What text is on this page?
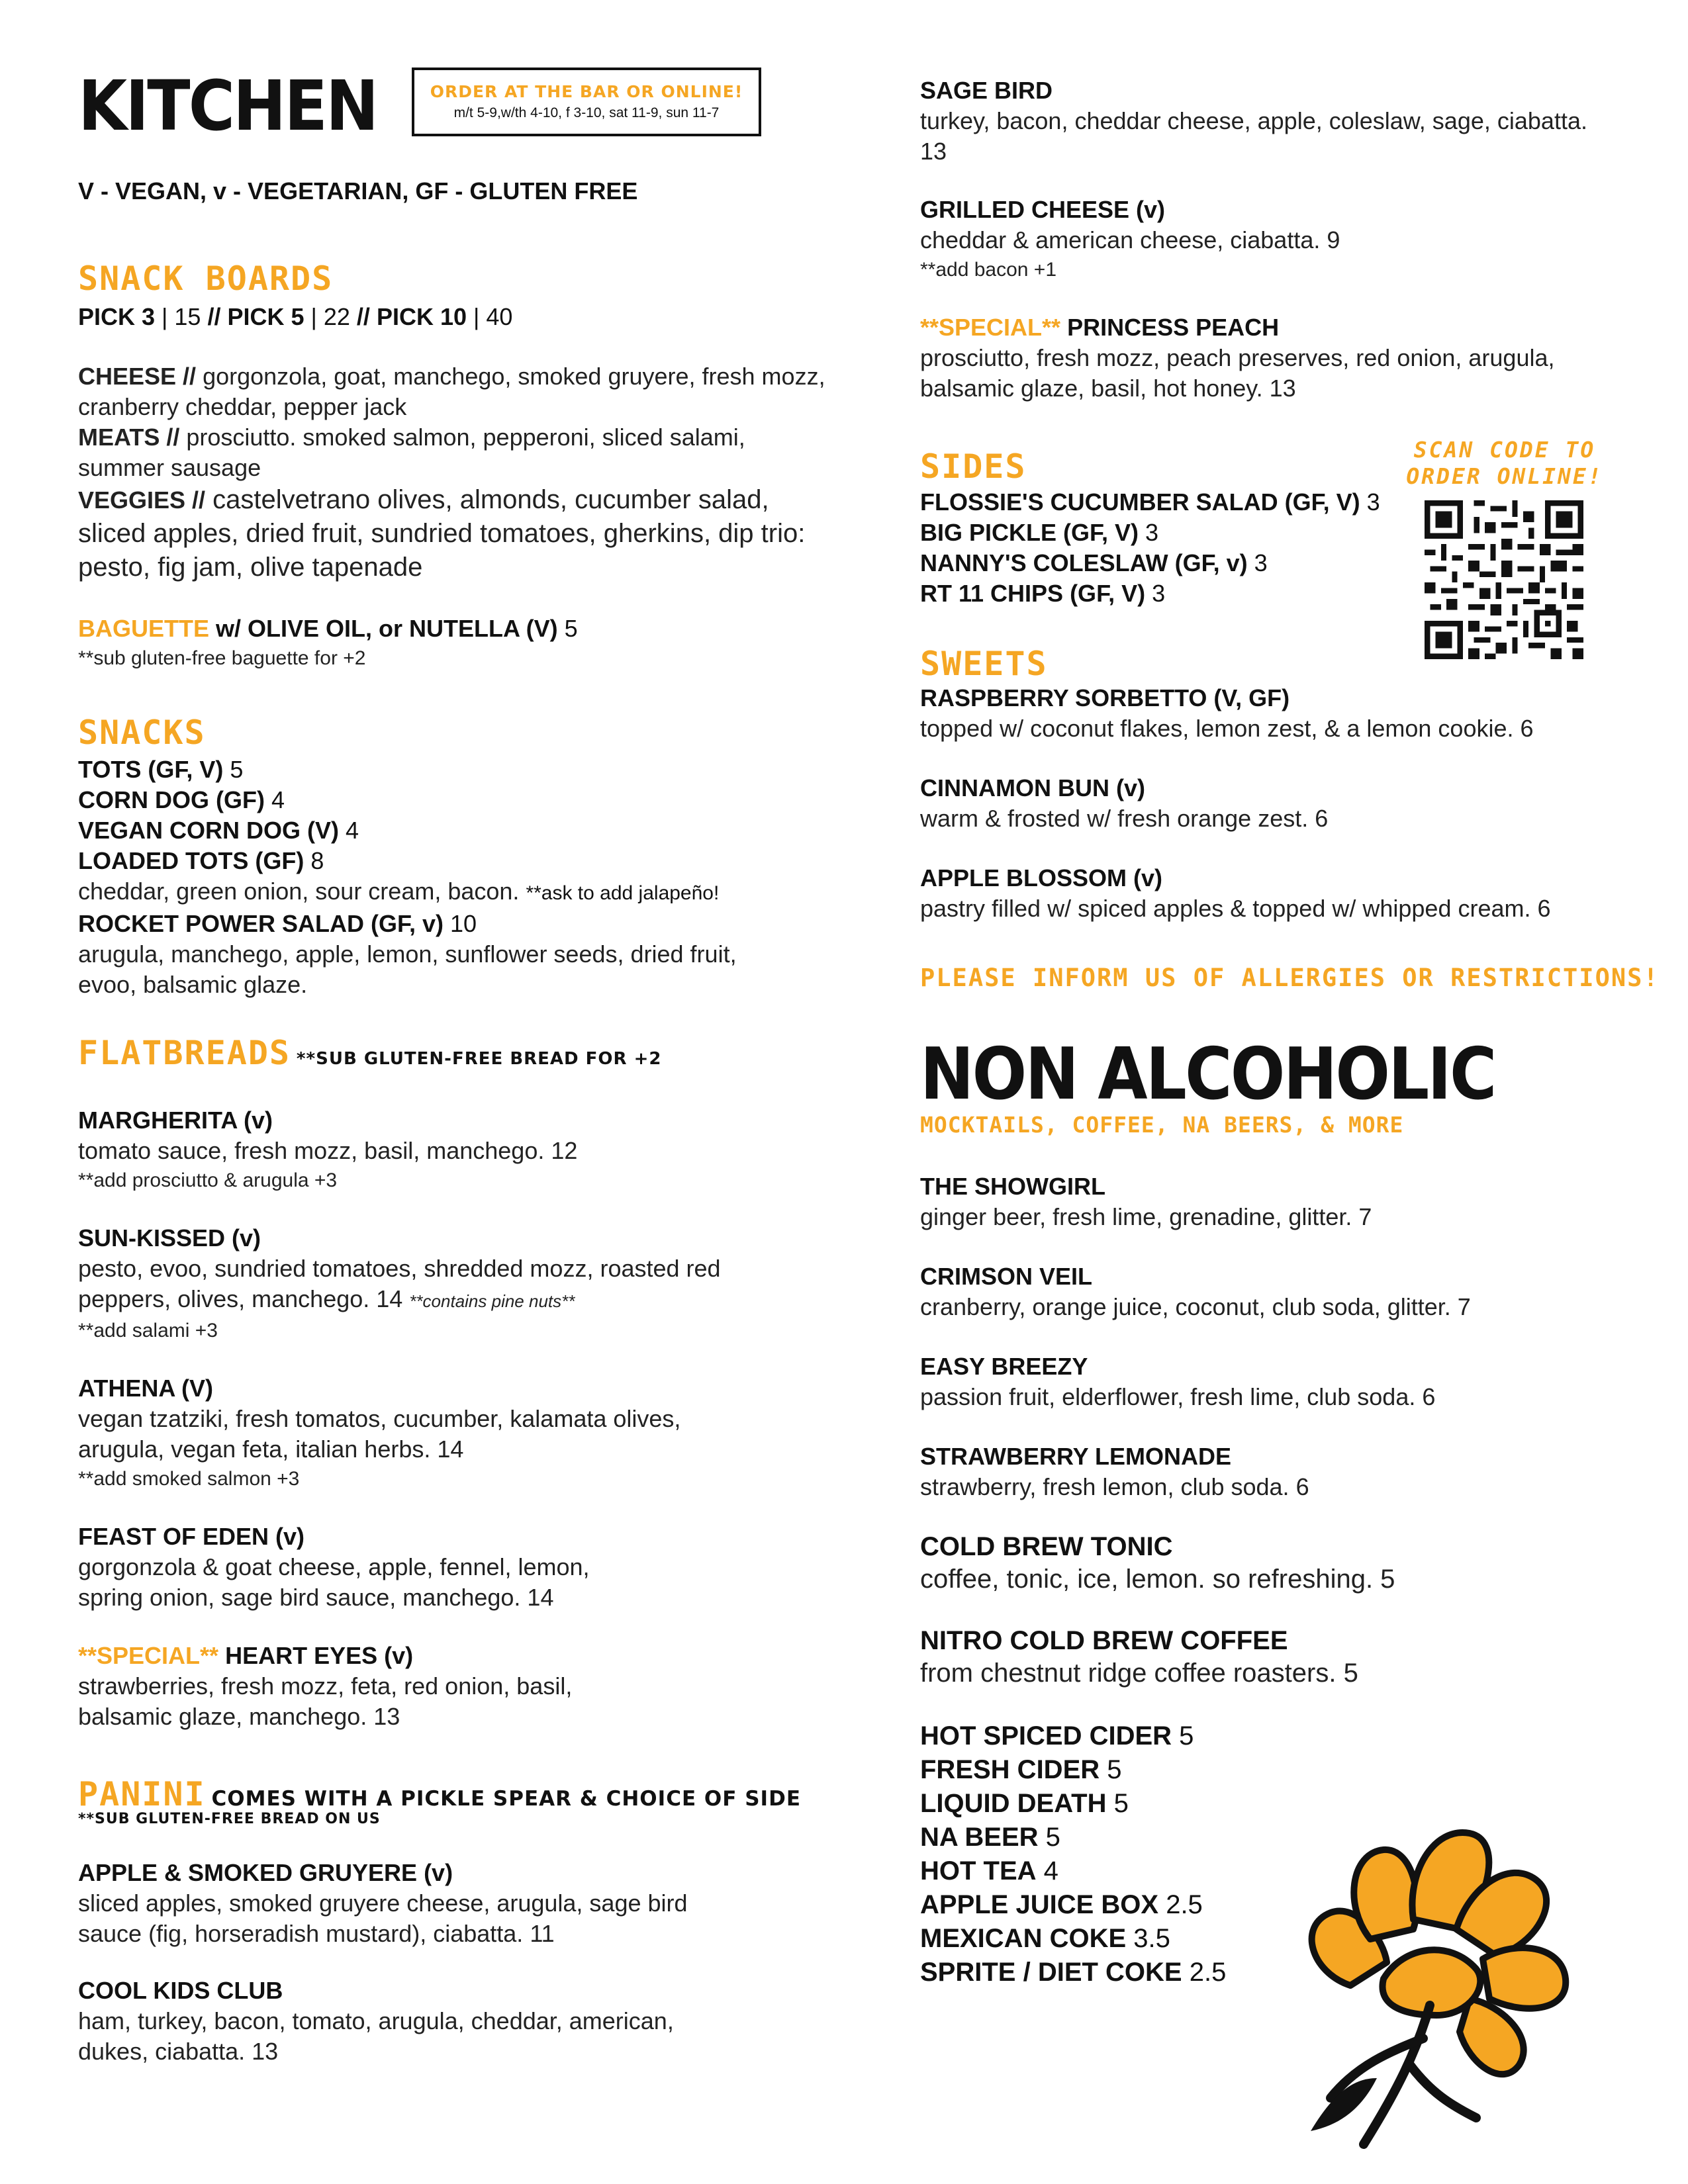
KITCHEN	ORDER AT THE BAR OR ONLINE!
m/t 5-9,w/th 4-10, f 3-10, sat 11-9, sun 11-7
V - VEGAN, v - VEGETARIAN, GF - GLUTEN FREE
SNACK BOARDS
PICK 3 | 15 // PICK 5 | 22 // PICK 10 | 40
CHEESE // gorgonzola, goat, manchego, smoked gruyere, fresh mozz, cranberry cheddar, pepper jack
MEATS // prosciutto. smoked salmon, pepperoni, sliced salami, summer sausage
VEGGIES // castelvetrano olives, almonds, cucumber salad, sliced apples, dried fruit, sundried tomatoes, gherkins, dip trio: pesto, fig jam, olive tapenade
BAGUETTE w/ OLIVE OIL, or NUTELLA (V) 5
**sub gluten-free baguette for +2
SNACKS
TOTS (GF, V) 5
CORN DOG (GF) 4
VEGAN CORN DOG (V) 4
LOADED TOTS (GF) 8
cheddar, green onion, sour cream, bacon. **ask to add jalapeño!
ROCKET POWER SALAD (GF, v) 10
arugula, manchego, apple, lemon, sunflower seeds, dried fruit, evoo, balsamic glaze.
FLATBREADS **SUB GLUTEN-FREE BREAD FOR +2
MARGHERITA (v)
tomato sauce, fresh mozz, basil, manchego. 12
**add prosciutto & arugula +3
SUN-KISSED (v)
pesto, evoo, sundried tomatoes, shredded mozz, roasted red
peppers, olives, manchego. 14 **contains pine nuts**
**add salami +3
ATHENA (V)
vegan tzatziki, fresh tomatos, cucumber, kalamata olives, arugula, vegan feta, italian herbs. 14
**add smoked salmon +3
FEAST OF EDEN (v)
gorgonzola & goat cheese, apple, fennel, lemon,
spring onion, sage bird sauce, manchego. 14
**SPECIAL** HEART EYES (v)
strawberries, fresh mozz, feta, red onion, basil,
balsamic glaze, manchego. 13
PANINI COMES WITH A PICKLE SPEAR & CHOICE OF SIDE
**SUB GLUTEN-FREE BREAD ON US
APPLE & SMOKED GRUYERE (v)
sliced apples, smoked gruyere cheese, arugula, sage bird sauce (fig, horseradish mustard), ciabatta. 11
COOL KIDS CLUB
ham, turkey, bacon, tomato, arugula, cheddar, american, dukes, ciabatta. 13
SAGE BIRD
turkey, bacon, cheddar cheese, apple, coleslaw, sage, ciabatta. 13
GRILLED CHEESE (v)
cheddar & american cheese, ciabatta. 9
**add bacon +1
**SPECIAL** PRINCESS PEACH
prosciutto, fresh mozz, peach preserves, red onion, arugula, balsamic glaze, basil, hot honey. 13
SIDES
FLOSSIE'S CUCUMBER SALAD (GF, V) 3
BIG PICKLE (GF, V) 3
NANNY'S COLESLAW (GF, v) 3
RT 11 CHIPS (GF, V) 3
SCAN CODE TO ORDER ONLINE!
SWEETS
RASPBERRY SORBETTO (V, GF)
topped w/ coconut flakes, lemon zest, & a lemon cookie. 6
CINNAMON BUN (v)
warm & frosted w/ fresh orange zest. 6
APPLE BLOSSOM (v)
pastry filled w/ spiced apples & topped w/ whipped cream. 6
PLEASE INFORM US OF ALLERGIES OR RESTRICTIONS!
NON ALCOHOLIC
MOCKTAILS, COFFEE, NA BEERS, & MORE
THE SHOWGIRL
ginger beer, fresh lime, grenadine, glitter. 7
CRIMSON VEIL
cranberry, orange juice, coconut, club soda, glitter. 7
EASY BREEZY
passion fruit, elderflower, fresh lime, club soda. 6
STRAWBERRY LEMONADE
strawberry, fresh lemon, club soda. 6
COLD BREW TONIC
coffee, tonic, ice, lemon. so refreshing. 5
NITRO COLD BREW COFFEE
from chestnut ridge coffee roasters. 5
HOT SPICED CIDER 5
FRESH CIDER 5
LIQUID DEATH 5
NA BEER 5
HOT TEA 4
APPLE JUICE BOX 2.5
MEXICAN COKE 3.5
SPRITE / DIET COKE 2.5
